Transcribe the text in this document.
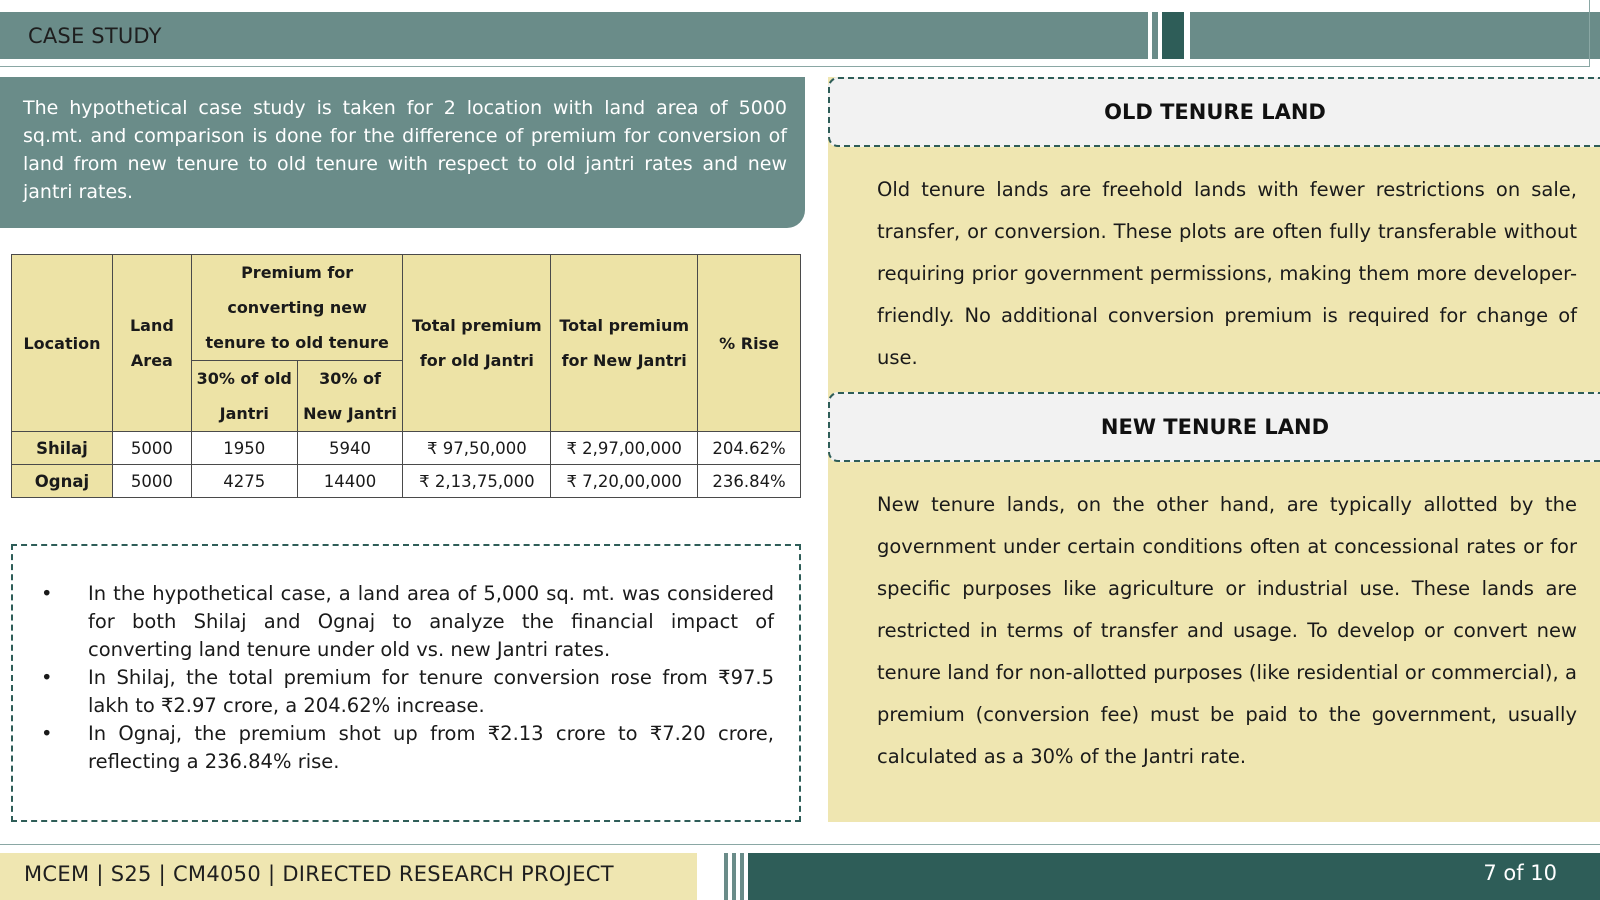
CASE STUDY

The hypothetical case study is taken for 2 location with land area of 5000 sq.mt. and comparison is done for the difference of premium for conversion of land from new tenure to old tenure with respect to old jantri rates and new jantri rates.

Location	Land Area	Premium for converting new tenure to old tenure		Total premium for old Jantri	Total premium for New Jantri	% Rise
		30% of old Jantri	30% of New Jantri			
Shilaj	5000	1950	5940	₹ 97,50,000	₹ 2,97,00,000	204.62%
Ognaj	5000	4275	14400	₹ 2,13,75,000	₹ 7,20,00,000	236.84%
• In the hypothetical case, a land area of 5,000 sq. mt. was considered for both Shilaj and Ognaj to analyze the financial impact of converting land tenure under old vs. new Jantri rates.
• In Shilaj, the total premium for tenure conversion rose from ₹97.5 lakh to ₹2.97 crore, a 204.62% increase.
• In Ognaj, the premium shot up from ₹2.13 crore to ₹7.20 crore, reflecting a 236.84% rise.
OLD TENURE LAND

Old tenure lands are freehold lands with fewer restrictions on sale, transfer, or conversion. These plots are often fully transferable without requiring prior government permissions, making them more developer-friendly. No additional conversion premium is required for change of use.

NEW TENURE LAND

New tenure lands, on the other hand, are typically allotted by the government under certain conditions often at concessional rates or for specific purposes like agriculture or industrial use. These lands are restricted in terms of transfer and usage. To develop or convert new tenure land for non-allotted purposes (like residential or commercial), a premium (conversion fee) must be paid to the government, usually calculated as a 30% of the Jantri rate.

MCEM | S25 | CM4050 | DIRECTED RESEARCH PROJECT	7 of 10
